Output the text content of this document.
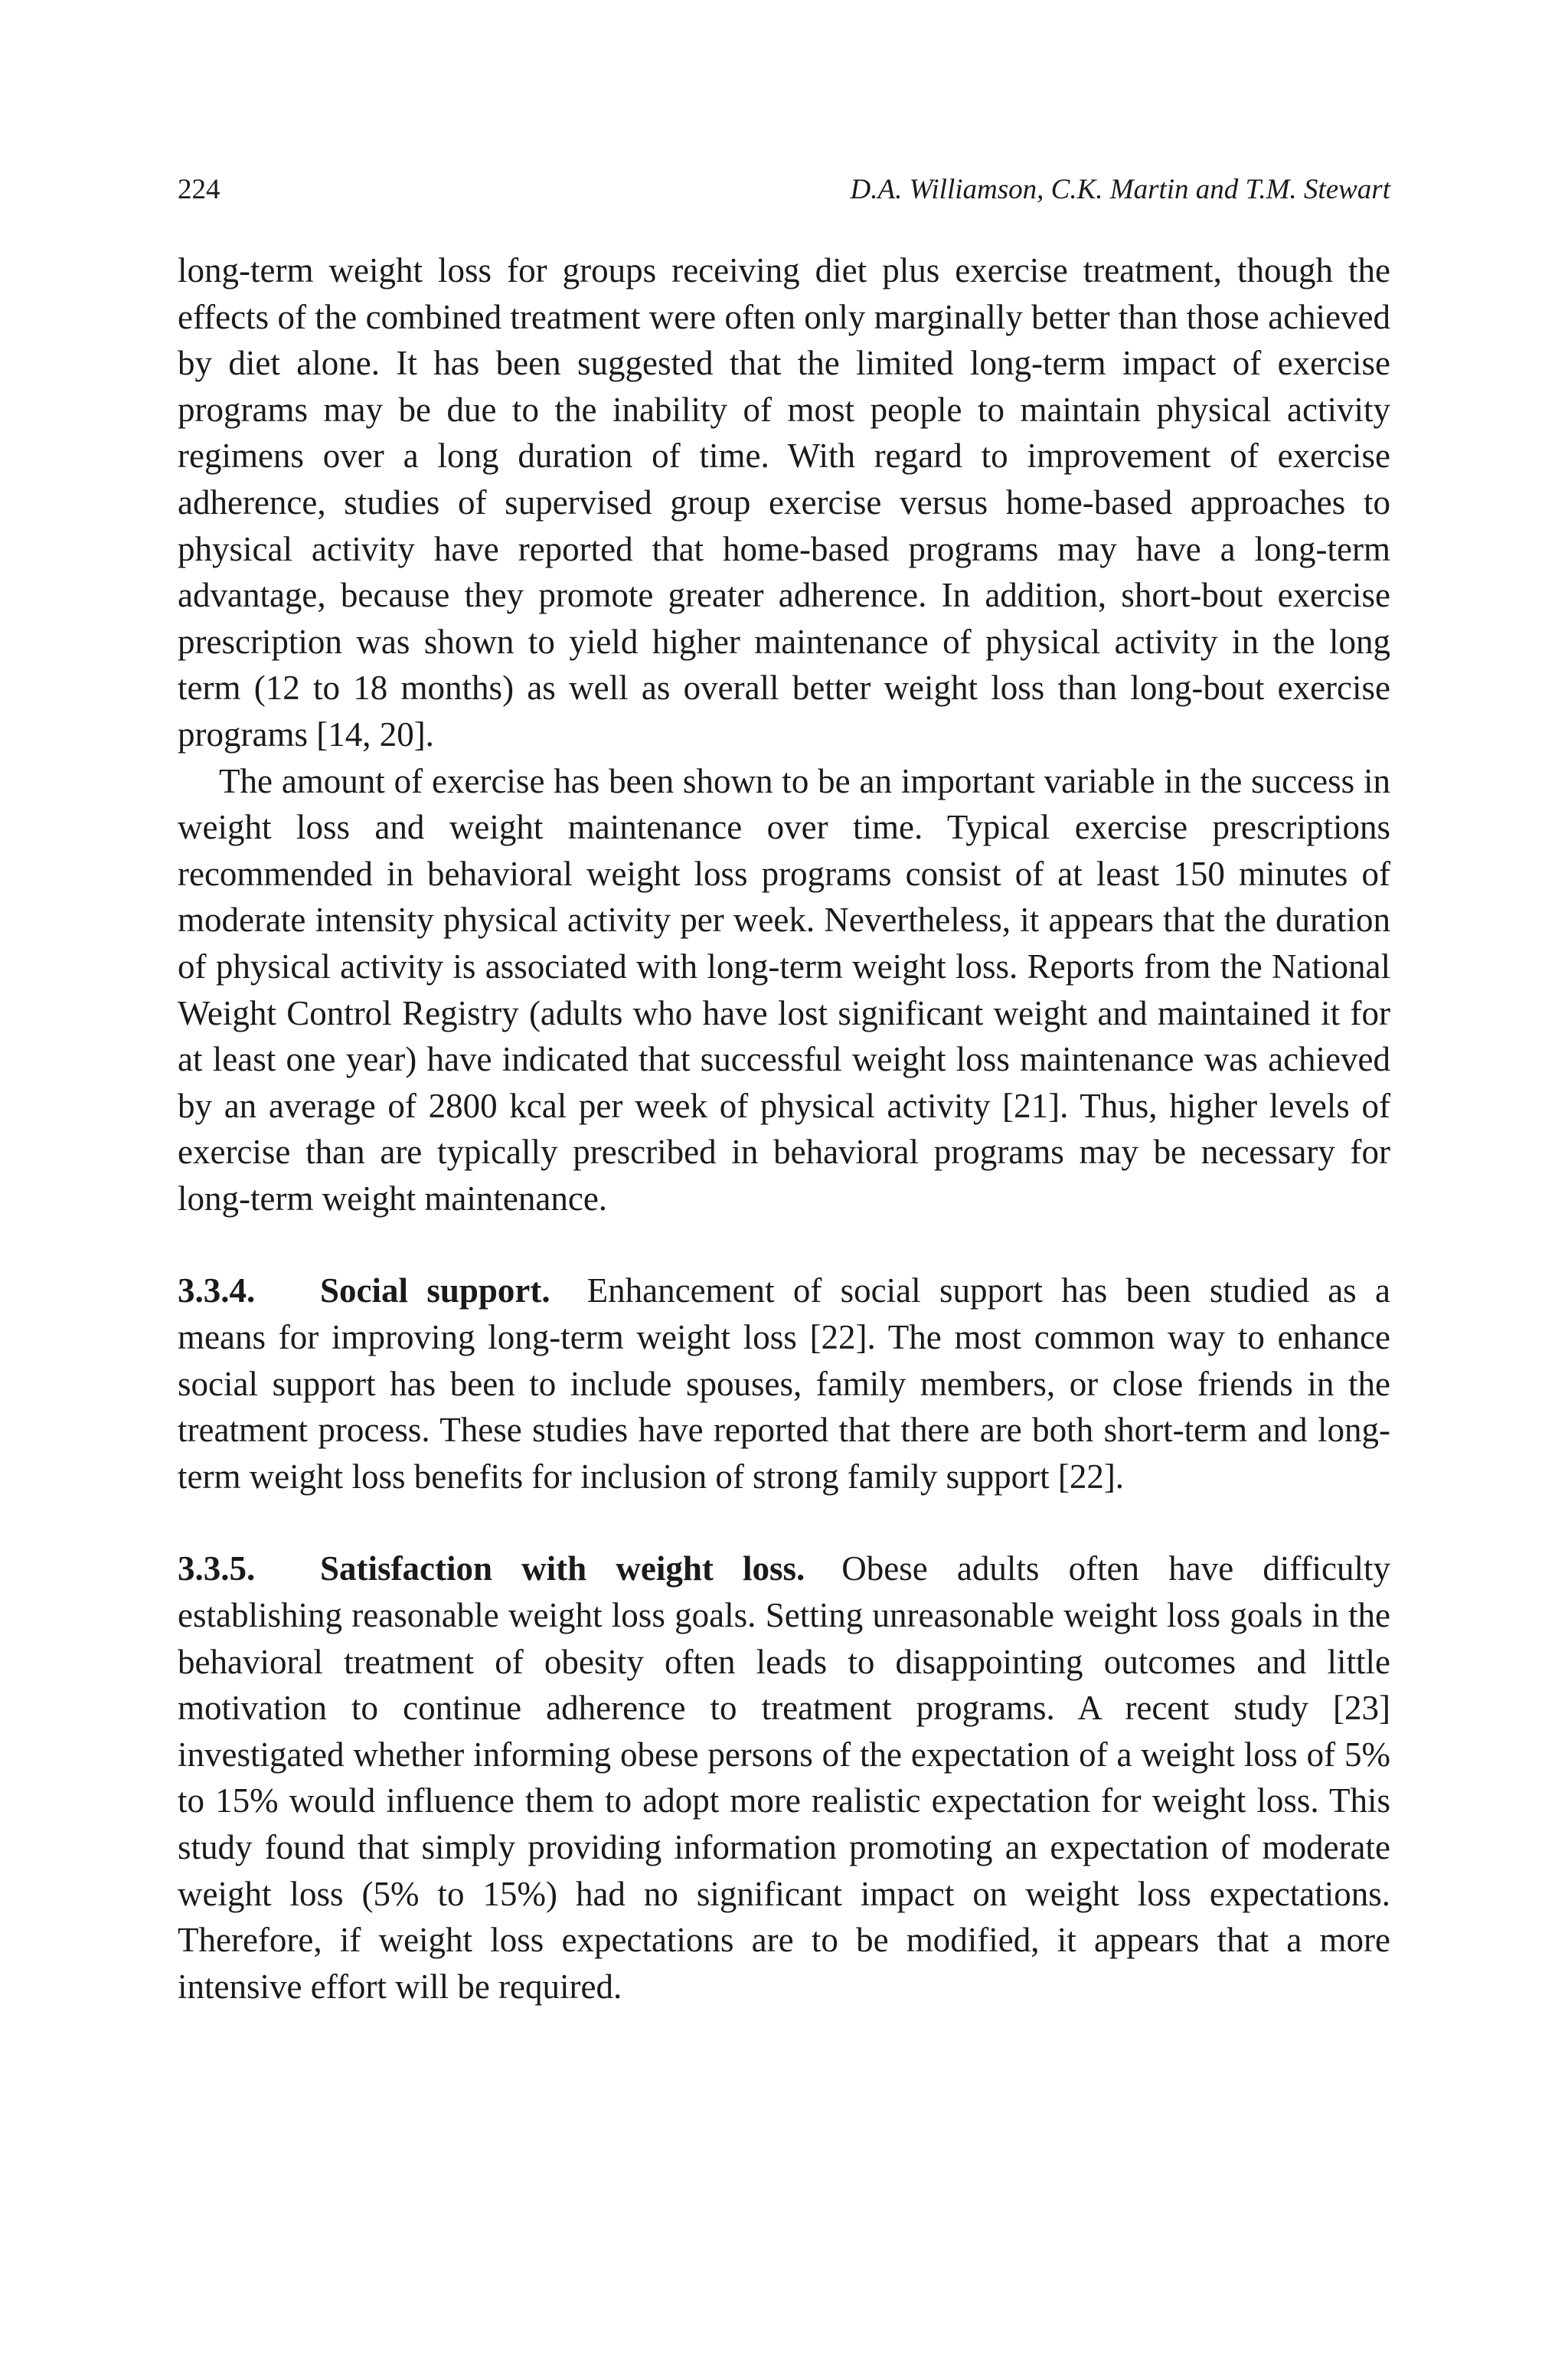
224	D.A. Williamson, C.K. Martin and T.M. Stewart

long-term weight loss for groups receiving diet plus exercise treatment, though the effects of the combined treatment were often only marginally better than those achieved by diet alone. It has been suggested that the limited long-term impact of exercise programs may be due to the inability of most people to maintain physical activity regimens over a long duration of time. With regard to improvement of exercise adherence, studies of supervised group exercise versus home-based approaches to physical activity have reported that home-based programs may have a long-term advantage, because they promote greater adherence. In addition, short-bout exercise prescription was shown to yield higher maintenance of physical activity in the long term (12 to 18 months) as well as overall better weight loss than long-bout exercise programs [14, 20].

The amount of exercise has been shown to be an important variable in the success in weight loss and weight maintenance over time. Typical exercise prescriptions recommended in behavioral weight loss programs consist of at least 150 minutes of moderate intensity physical activity per week. Nevertheless, it appears that the duration of physical activity is associated with long-term weight loss. Reports from the National Weight Control Registry (adults who have lost significant weight and maintained it for at least one year) have indicated that successful weight loss maintenance was achieved by an average of 2800 kcal per week of physical activity [21]. Thus, higher levels of exercise than are typically prescribed in behavioral programs may be necessary for long-term weight maintenance.

3.3.4. Social support. Enhancement of social support has been studied as a means for improving long-term weight loss [22]. The most common way to enhance social support has been to include spouses, family members, or close friends in the treatment process. These studies have reported that there are both short-term and long-term weight loss benefits for inclusion of strong family support [22].

3.3.5. Satisfaction with weight loss. Obese adults often have difficulty establishing reasonable weight loss goals. Setting unreasonable weight loss goals in the behavioral treatment of obesity often leads to disappointing outcomes and little motivation to continue adherence to treatment programs. A recent study [23] investigated whether informing obese persons of the expectation of a weight loss of 5% to 15% would influence them to adopt more realistic expectation for weight loss. This study found that simply providing information promoting an expectation of moderate weight loss (5% to 15%) had no significant impact on weight loss expectations. Therefore, if weight loss expectations are to be modified, it appears that a more intensive effort will be required.
